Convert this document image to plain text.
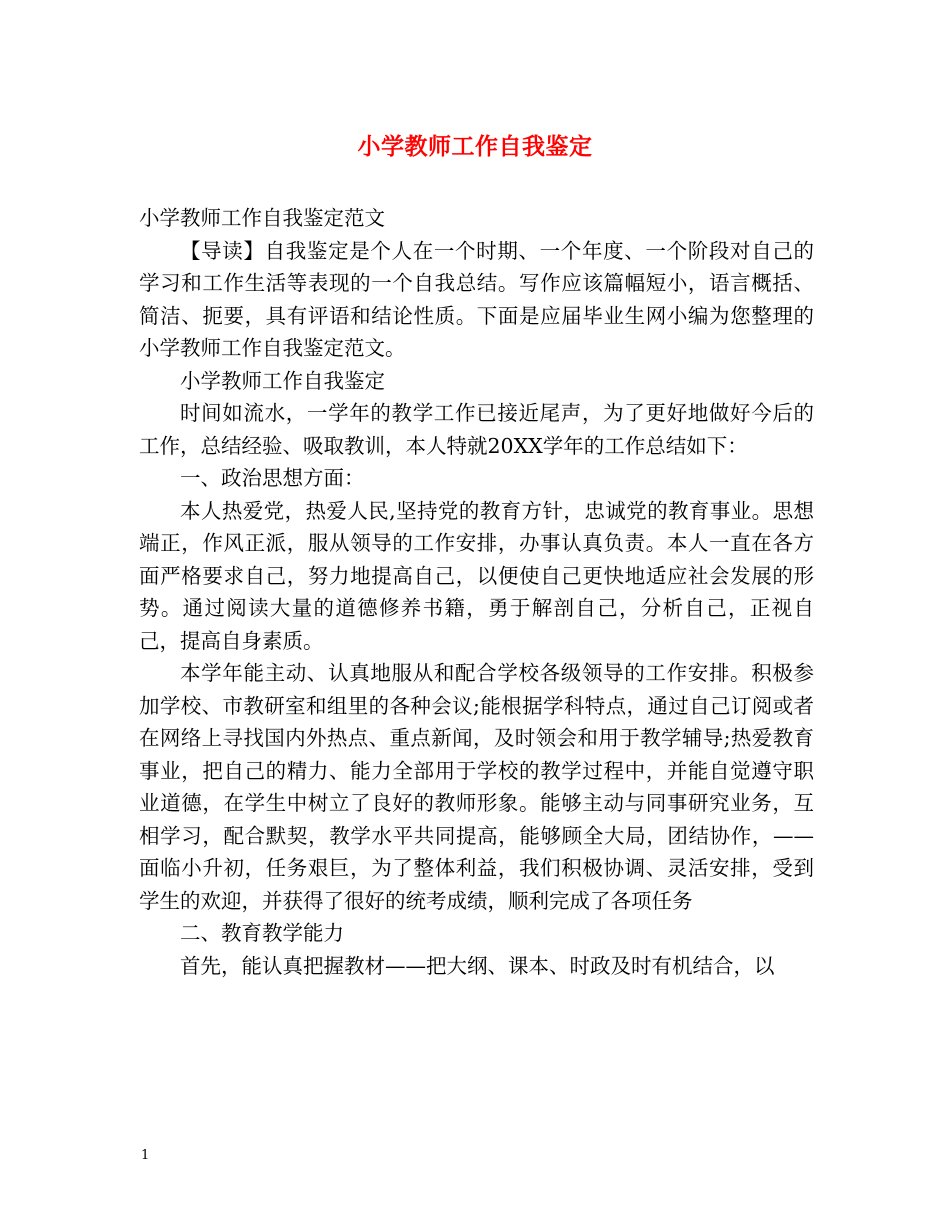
小学教师工作自我鉴定

小学教师工作自我鉴定范文

【导读】自我鉴定是个人在一个时期、一个年度、一个阶段对自己的学习和工作生活等表现的一个自我总结。写作应该篇幅短小，语言概括、简洁、扼要，具有评语和结论性质。下面是应届毕业生网小编为您整理的小学教师工作自我鉴定范文。

小学教师工作自我鉴定

时间如流水，一学年的教学工作已接近尾声，为了更好地做好今后的工作，总结经验、吸取教训，本人特就20XX学年的工作总结如下：

一、政治思想方面：

本人热爱党，热爱人民,坚持党的教育方针，忠诚党的教育事业。思想端正，作风正派，服从领导的工作安排，办事认真负责。本人一直在各方面严格要求自己，努力地提高自己，以便使自己更快地适应社会发展的形势。通过阅读大量的道德修养书籍，勇于解剖自己，分析自己，正视自己，提高自身素质。

本学年能主动、认真地服从和配合学校各级领导的工作安排。积极参加学校、市教研室和组里的各种会议;能根据学科特点，通过自己订阅或者在网络上寻找国内外热点、重点新闻，及时领会和用于教学辅导;热爱教育事业，把自己的精力、能力全部用于学校的教学过程中，并能自觉遵守职业道德，在学生中树立了良好的教师形象。能够主动与同事研究业务，互相学习，配合默契，教学水平共同提高，能够顾全大局，团结协作，——面临小升初，任务艰巨，为了整体利益，我们积极协调、灵活安排，受到学生的欢迎，并获得了很好的统考成绩，顺利完成了各项任务

二、教育教学能力

首先，能认真把握教材——把大纲、课本、时政及时有机结合，以

1
